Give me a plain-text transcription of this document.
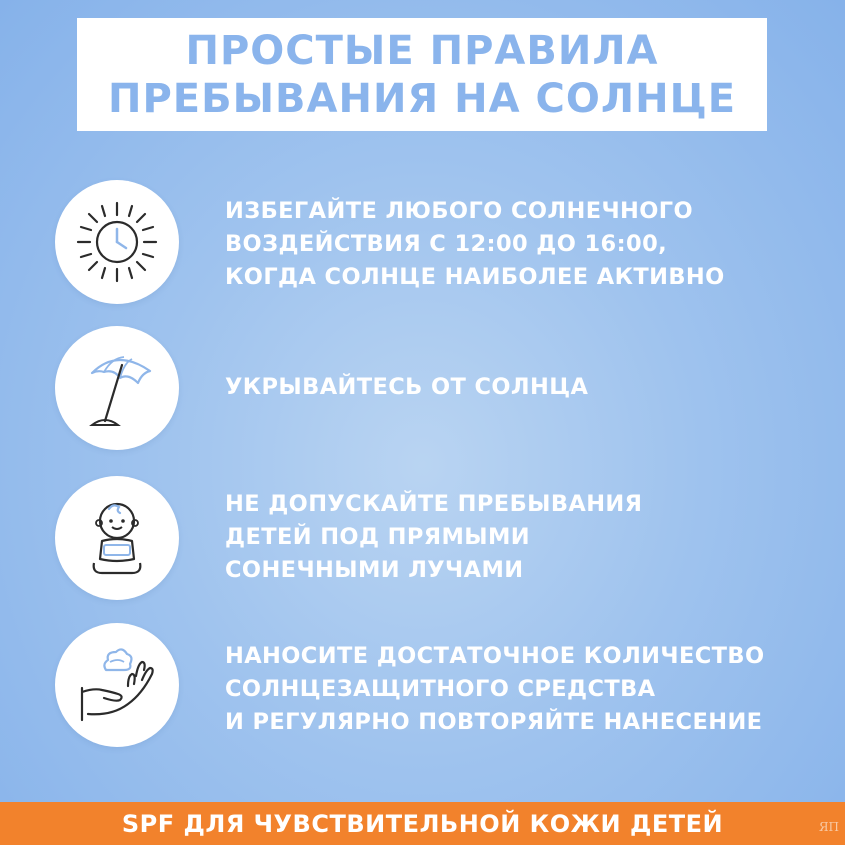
ПРОСТЫЕ ПРАВИЛА
ПРЕБЫВАНИЯ НА СОЛНЦЕ
ИЗБЕГАЙТЕ ЛЮБОГО СОЛНЕЧНОГО
ВОЗДЕЙСТВИЯ С 12:00 ДО 16:00,
КОГДА СОЛНЦЕ НАИБОЛЕЕ АКТИВНО
УКРЫВАЙТЕСЬ ОТ СОЛНЦА
НЕ ДОПУСКАЙТЕ ПРЕБЫВАНИЯ
ДЕТЕЙ ПОД ПРЯМЫМИ
СОНЕЧНЫМИ ЛУЧАМИ
НАНОСИТЕ ДОСТАТОЧНОЕ КОЛИЧЕСТВО
СОЛНЦЕЗАЩИТНОГО СРЕДСТВА
И РЕГУЛЯРНО ПОВТОРЯЙТЕ НАНЕСЕНИЕ
SPF ДЛЯ ЧУВСТВИТЕЛЬНОЙ КОЖИ ДЕТЕЙ	ЯП
